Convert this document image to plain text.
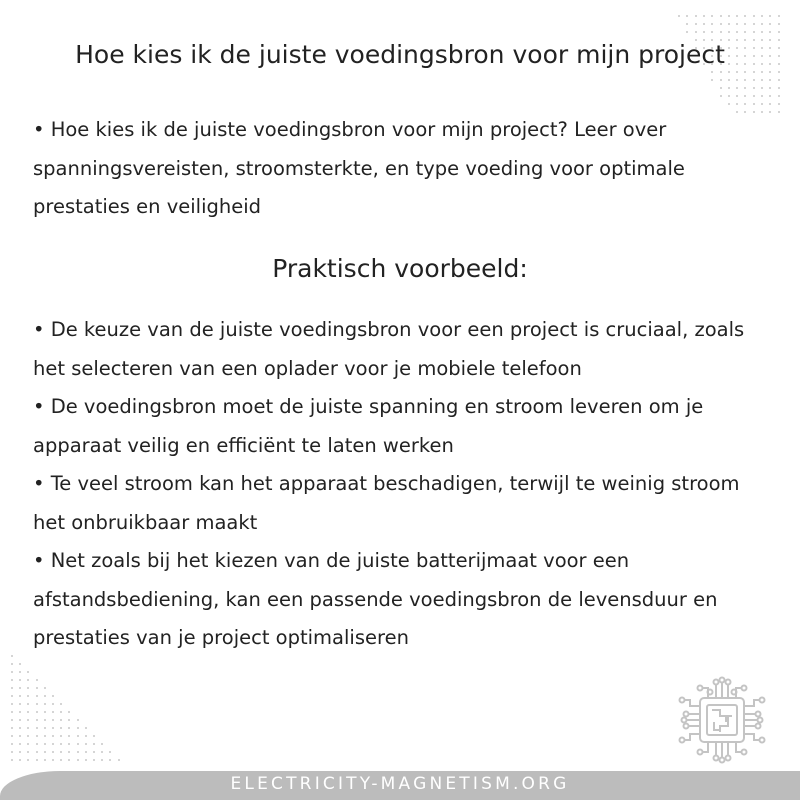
Hoe kies ik de juiste voedingsbron voor mijn project
• Hoe kies ik de juiste voedingsbron voor mijn project? Leer over spanningsvereisten, stroomsterkte, en type voeding voor optimale prestaties en veiligheid
Praktisch voorbeeld:
• De keuze van de juiste voedingsbron voor een project is cruciaal, zoals het selecteren van een oplader voor je mobiele telefoon
• De voedingsbron moet de juiste spanning en stroom leveren om je apparaat veilig en efficiënt te laten werken
• Te veel stroom kan het apparaat beschadigen, terwijl te weinig stroom het onbruikbaar maakt
• Net zoals bij het kiezen van de juiste batterijmaat voor een afstandsbediening, kan een passende voedingsbron de levensduur en prestaties van je project optimaliseren
ELECTRICITY-MAGNETISM.ORG
